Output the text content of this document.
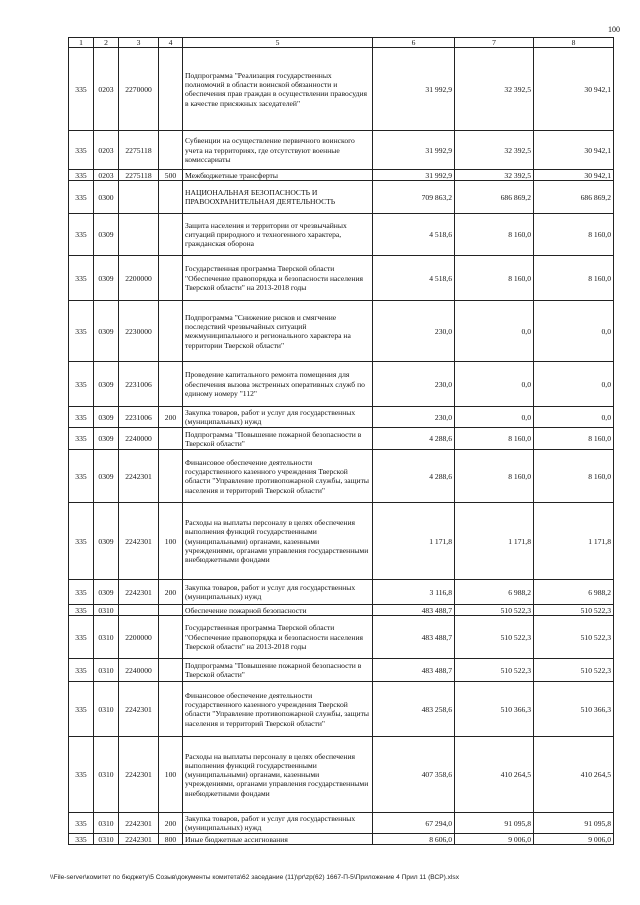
100
1	2	3	4	5	6	7	8
335	0203	2270000		Подпрограмма "Реализация государственных полномочий в области воинской обязанности и обеспечения прав граждан в осуществлении правосудия в качестве присяжных заседателей"	31 992,9	32 392,5	30 942,1
335	0203	2275118		Субвенции на осуществление первичного воинского учета на территориях, где отсутствуют военные комиссариаты	31 992,9	32 392,5	30 942,1
335	0203	2275118	500	Межбюджетные трансферты	31 992,9	32 392,5	30 942,1
335	0300			НАЦИОНАЛЬНАЯ БЕЗОПАСНОСТЬ И ПРАВООХРАНИТЕЛЬНАЯ ДЕЯТЕЛЬНОСТЬ	709 863,2	686 869,2	686 869,2
335	0309			Защита населения и территории от чрезвычайных ситуаций природного и техногенного характера, гражданская оборона	4 518,6	8 160,0	8 160,0
335	0309	2200000		Государственная программа Тверской области "Обеспечение правопорядка и безопасности населения Тверской области" на 2013-2018 годы	4 518,6	8 160,0	8 160,0
335	0309	2230000		Подпрограмма "Снижение рисков и смягчение последствий чрезвычайных ситуаций межмуниципального и регионального характера на территории Тверской области"	230,0	0,0	0,0
335	0309	2231006		Проведение капитального ремонта помещения для обеспечения вызова экстренных оперативных служб по единому номеру "112"	230,0	0,0	0,0
335	0309	2231006	200	Закупка товаров, работ и услуг для государственных (муниципальных) нужд	230,0	0,0	0,0
335	0309	2240000		Подпрограмма "Повышение пожарной безопасности в Тверской области"	4 288,6	8 160,0	8 160,0
335	0309	2242301		Финансовое обеспечение деятельности государственного казенного учреждения Тверской области "Управление противопожарной службы, защиты населения и территорий Тверской области"	4 288,6	8 160,0	8 160,0
335	0309	2242301	100	Расходы на выплаты персоналу в целях обеспечения выполнения функций государственными (муниципальными) органами, казенными учреждениями, органами управления государственными внебюджетными фондами	1 171,8	1 171,8	1 171,8
335	0309	2242301	200	Закупка товаров, работ и услуг для государственных (муниципальных) нужд	3 116,8	6 988,2	6 988,2
335	0310			Обеспечение пожарной безопасности	483 488,7	510 522,3	510 522,3
335	0310	2200000		Государственная программа Тверской области "Обеспечение правопорядка и безопасности населения Тверской области" на 2013-2018 годы	483 488,7	510 522,3	510 522,3
335	0310	2240000		Подпрограмма "Повышение пожарной безопасности в Тверской области"	483 488,7	510 522,3	510 522,3
335	0310	2242301		Финансовое обеспечение деятельности государственного казенного учреждения Тверской области "Управление противопожарной службы, защиты населения и территорий Тверской области"	483 258,6	510 366,3	510 366,3
335	0310	2242301	100	Расходы на выплаты персоналу в целях обеспечения выполнения функций государственными (муниципальными) органами, казенными учреждениями, органами управления государственными внебюджетными фондами	407 358,6	410 264,5	410 264,5
335	0310	2242301	200	Закупка товаров, работ и услуг для государственных (муниципальных) нужд	67 294,0	91 095,8	91 095,8
335	0310	2242301	800	Иные бюджетные ассигнования	8 606,0	9 006,0	9 006,0
\\File-server\комитет по бюджету\5 Созыв\документы комитета\62 заседание (11)\pr\zp(62) 1667-П-5\Приложение 4 Прил 11 (ВСР).xlsx
